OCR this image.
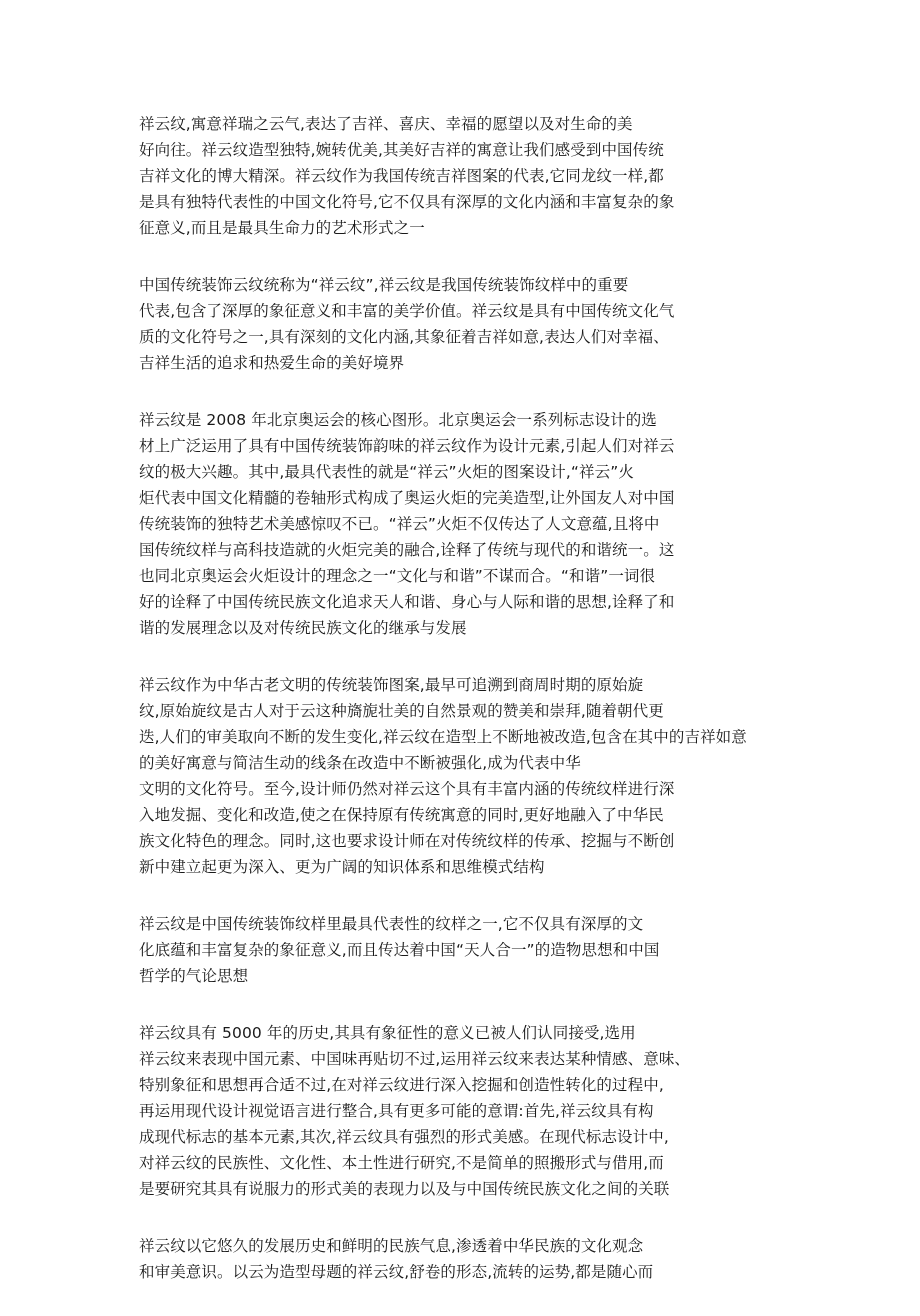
祥云纹,寓意祥瑞之云气,表达了吉祥、喜庆、幸福的愿望以及对生命的美
好向往。祥云纹造型独特,婉转优美,其美好吉祥的寓意让我们感受到中国传统
吉祥文化的博大精深。祥云纹作为我国传统吉祥图案的代表,它同龙纹一样,都
是具有独特代表性的中国文化符号,它不仅具有深厚的文化内涵和丰富复杂的象
征意义,而且是最具生命力的艺术形式之一

中国传统装饰云纹统称为“祥云纹”,祥云纹是我国传统装饰纹样中的重要
代表,包含了深厚的象征意义和丰富的美学价值。祥云纹是具有中国传统文化气
质的文化符号之一,具有深刻的文化内涵,其象征着吉祥如意,表达人们对幸福、
吉祥生活的追求和热爱生命的美好境界

祥云纹是 2008 年北京奥运会的核心图形。北京奥运会一系列标志设计的选
材上广泛运用了具有中国传统装饰韵味的祥云纹作为设计元素,引起人们对祥云
纹的极大兴趣。其中,最具代表性的就是“祥云”火炬的图案设计,“祥云”火
炬代表中国文化精髓的卷轴形式构成了奥运火炬的完美造型,让外国友人对中国
传统装饰的独特艺术美感惊叹不已。“祥云”火炬不仅传达了人文意蕴,且将中
国传统纹样与高科技造就的火炬完美的融合,诠释了传统与现代的和谐统一。这
也同北京奥运会火炬设计的理念之一“文化与和谐”不谋而合。“和谐”一词很
好的诠释了中国传统民族文化追求天人和谐、身心与人际和谐的思想,诠释了和
谐的发展理念以及对传统民族文化的继承与发展

祥云纹作为中华古老文明的传统装饰图案,最早可追溯到商周时期的原始旋
纹,原始旋纹是古人对于云这种旖旎壮美的自然景观的赞美和崇拜,随着朝代更
迭,人们的审美取向不断的发生变化,祥云纹在造型上不断地被改造,包含在其中的吉祥如意
的美好寓意与简洁生动的线条在改造中不断被强化,成为代表中华
文明的文化符号。至今,设计师仍然对祥云这个具有丰富内涵的传统纹样进行深
入地发掘、变化和改造,使之在保持原有传统寓意的同时,更好地融入了中华民
族文化特色的理念。同时,这也要求设计师在对传统纹样的传承、挖掘与不断创
新中建立起更为深入、更为广阔的知识体系和思维模式结构

祥云纹是中国传统装饰纹样里最具代表性的纹样之一,它不仅具有深厚的文
化底蕴和丰富复杂的象征意义,而且传达着中国“天人合一”的造物思想和中国
哲学的气论思想

祥云纹具有 5000 年的历史,其具有象征性的意义已被人们认同接受,选用
祥云纹来表现中国元素、中国味再贴切不过,运用祥云纹来表达某种情感、意味、
特别象征和思想再合适不过,在对祥云纹进行深入挖掘和创造性转化的过程中,
再运用现代设计视觉语言进行整合,具有更多可能的意谓:首先,祥云纹具有构
成现代标志的基本元素,其次,祥云纹具有强烈的形式美感。在现代标志设计中,
对祥云纹的民族性、文化性、本土性进行研究,不是简单的照搬形式与借用,而
是要研究其具有说服力的形式美的表现力以及与中国传统民族文化之间的关联

祥云纹以它悠久的发展历史和鲜明的民族气息,渗透着中华民族的文化观念
和审美意识。以云为造型母题的祥云纹,舒卷的形态,流转的运势,都是随心而
